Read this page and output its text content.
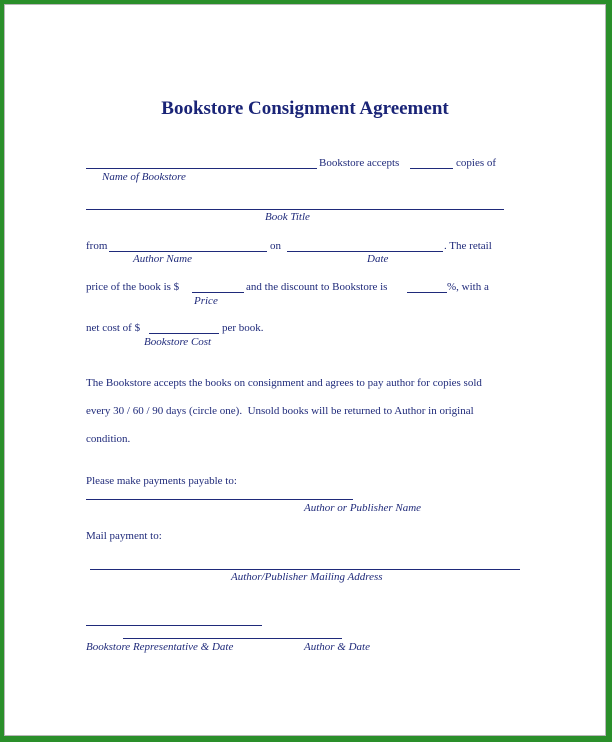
Bookstore Consignment Agreement
Bookstore accepts	copies of
Name of Bookstore
Book Title
from	on	. The retail
Author Name	Date
price of the book is $	and the discount to Bookstore is	%, with a
Price
net cost of $	per book.
Bookstore Cost
The Bookstore accepts the books on consignment and agrees to pay author for copies sold
every 30 / 60 / 90 days (circle one).  Unsold books will be returned to Author in original
condition.
Please make payments payable to:
Author or Publisher Name
Mail payment to:
Author/Publisher Mailing Address
Bookstore Representative & Date	Author & Date
